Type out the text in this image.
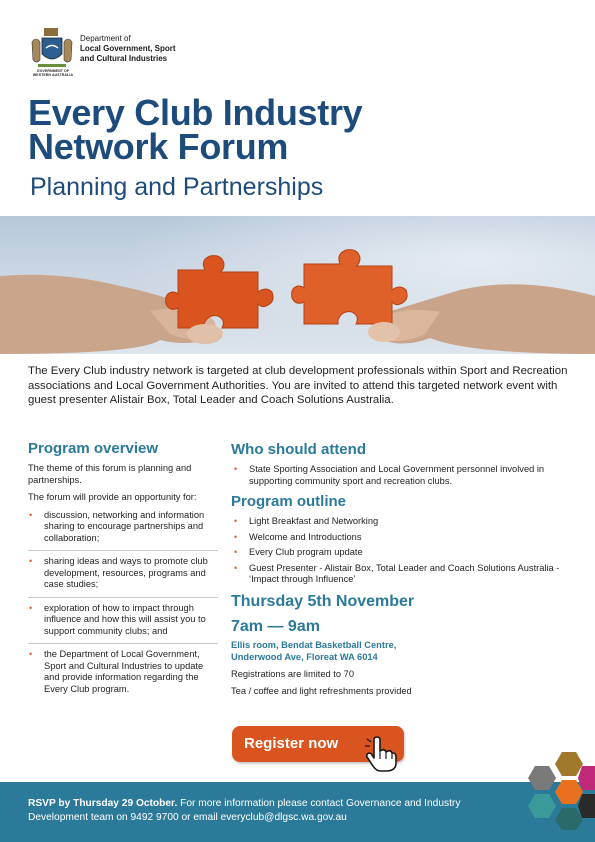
GOVERNMENT OF
WESTERN AUSTRALIA
Department of
Local Government, Sport
and Cultural Industries
Every Club Industry
Network Forum
Planning and Partnerships
The Every Club industry network is targeted at club development professionals within Sport and Recreation associations and Local Government Authorities. You are invited to attend this targeted network event with guest presenter Alistair Box, Total Leader and Coach Solutions Australia.
Program overview

The theme of this forum is planning and partnerships.

The forum will provide an opportunity for:

• discussion, networking and information sharing to encourage partnerships and collaboration;
• sharing ideas and ways to promote club development, resources, programs and case studies;
• exploration of how to impact through influence and how this will assist you to support community clubs; and
• the Department of Local Government, Sport and Cultural Industries to update and provide information regarding the Every Club program.
Who should attend
• State Sporting Association and Local Government personnel involved in supporting community sport and recreation clubs.
Program outline
• Light Breakfast and Networking
• Welcome and Introductions
• Every Club program update
• Guest Presenter - Alistair Box, Total Leader and Coach Solutions Australia - ‘Impact through Influence’
Thursday 5th November
7am — 9am
Ellis room, Bendat Basketball Centre,
Underwood Ave, Floreat WA 6014
Registrations are limited to 70
Tea / coffee and light refreshments provided
Register now
RSVP by Thursday 29 October. For more information please contact Governance and Industry Development team on 9492 9700 or email everyclub@dlgsc.wa.gov.au
